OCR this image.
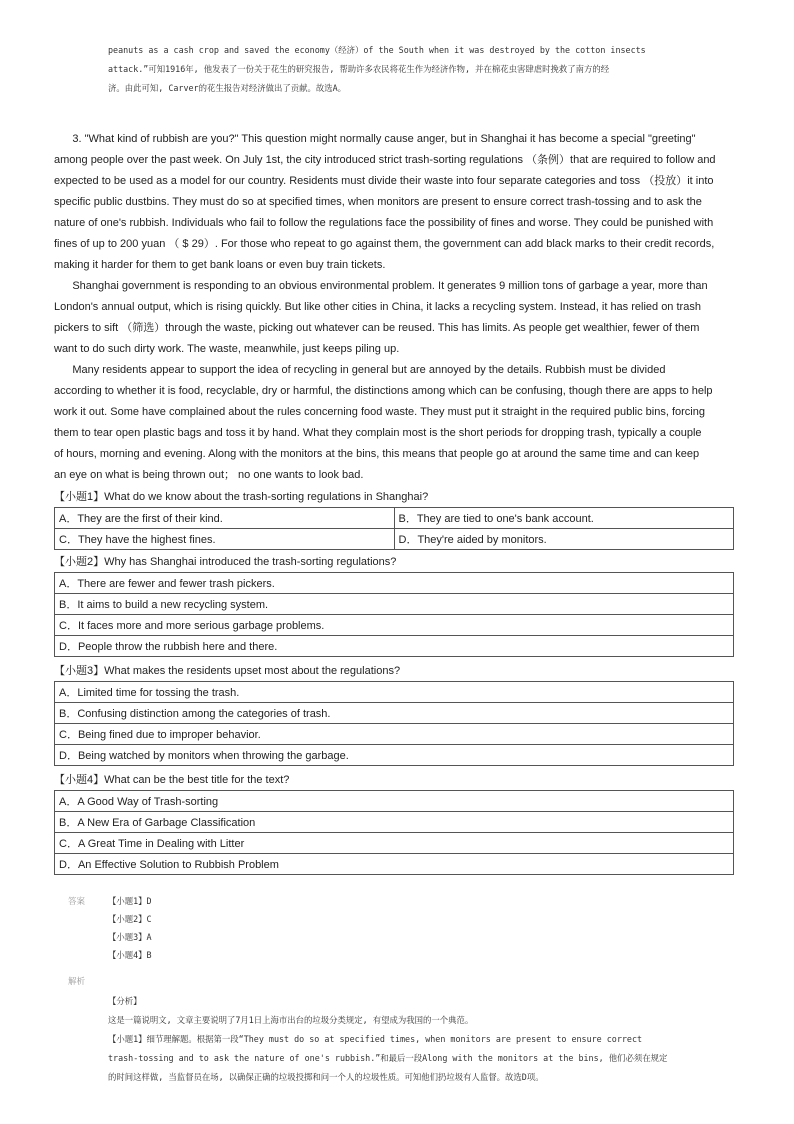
peanuts as a cash crop and saved the economy（经济）of the South when it was destroyed by the cotton insects
attack.”可知1916年, 他发表了一份关于花生的研究报告, 帮助许多农民将花生作为经济作物, 并在棉花虫害肆虐时挽救了南方的经
济。由此可知, Carver的花生报告对经济做出了贡献。故选A。
3. "What kind of rubbish are you?" This question might normally cause anger, but in Shanghai it has become a special "greeting"
among people over the past week. On July 1st, the city introduced strict trash-sorting regulations （条例）that are required to follow and
expected to be used as a model for our country. Residents must divide their waste into four separate categories and toss （投放）it into
specific public dustbins. They must do so at specified times, when monitors are present to ensure correct trash-tossing and to ask the
nature of one's rubbish. Individuals who fail to follow the regulations face the possibility of fines and worse. They could be punished with
fines of up to 200 yuan （ $ 29）. For those who repeat to go against them, the government can add black marks to their credit records,
making it harder for them to get bank loans or even buy train tickets.
Shanghai government is responding to an obvious environmental problem. It generates 9 million tons of garbage a year, more than
London's annual output, which is rising quickly. But like other cities in China, it lacks a recycling system. Instead, it has relied on trash
pickers to sift （筛选）through the waste, picking out whatever can be reused. This has limits. As people get wealthier, fewer of them
want to do such dirty work. The waste, meanwhile, just keeps piling up.
Many residents appear to support the idea of recycling in general but are annoyed by the details. Rubbish must be divided
according to whether it is food, recyclable, dry or harmful, the distinctions among which can be confusing, though there are apps to help
work it out. Some have complained about the rules concerning food waste. They must put it straight in the required public bins, forcing
them to tear open plastic bags and toss it by hand. What they complain most is the short periods for dropping trash, typically a couple
of hours, morning and evening. Along with the monitors at the bins, this means that people go at around the same time and can keep
an eye on what is being thrown out； no one wants to look bad.
【小题1】What do we know about the trash-sorting regulations in Shanghai?
A．They are the first of their kind.	B．They are tied to one's bank account.
C．They have the highest fines.	D．They're aided by monitors.
【小题2】Why has Shanghai introduced the trash-sorting regulations?
A．There are fewer and fewer trash pickers.
B．It aims to build a new recycling system.
C．It faces more and more serious garbage problems.
D．People throw the rubbish here and there.
【小题3】What makes the residents upset most about the regulations?
A．Limited time for tossing the trash.
B．Confusing distinction among the categories of trash.
C．Being fined due to improper behavior.
D．Being watched by monitors when throwing the garbage.
【小题4】What can be the best title for the text?
A．A Good Way of Trash-sorting
B．A New Era of Garbage Classification
C．A Great Time in Dealing with Litter
D．An Effective Solution to Rubbish Problem
答案	【小题1】D
【小题2】C
【小题3】A
【小题4】B
解析
【分析】
这是一篇说明文, 文章主要说明了7月1日上海市出台的垃圾分类规定, 有望成为我国的一个典范。
【小题1】细节理解题。根据第一段“They must do so at specified times, when monitors are present to ensure correct
trash-tossing and to ask the nature of one's rubbish.”和最后一段Along with the monitors at the bins, 他们必须在规定
的时间这样做, 当监督员在场, 以确保正确的垃圾投掷和问一个人的垃圾性质。可知他们扔垃圾有人监督。故选D项。
